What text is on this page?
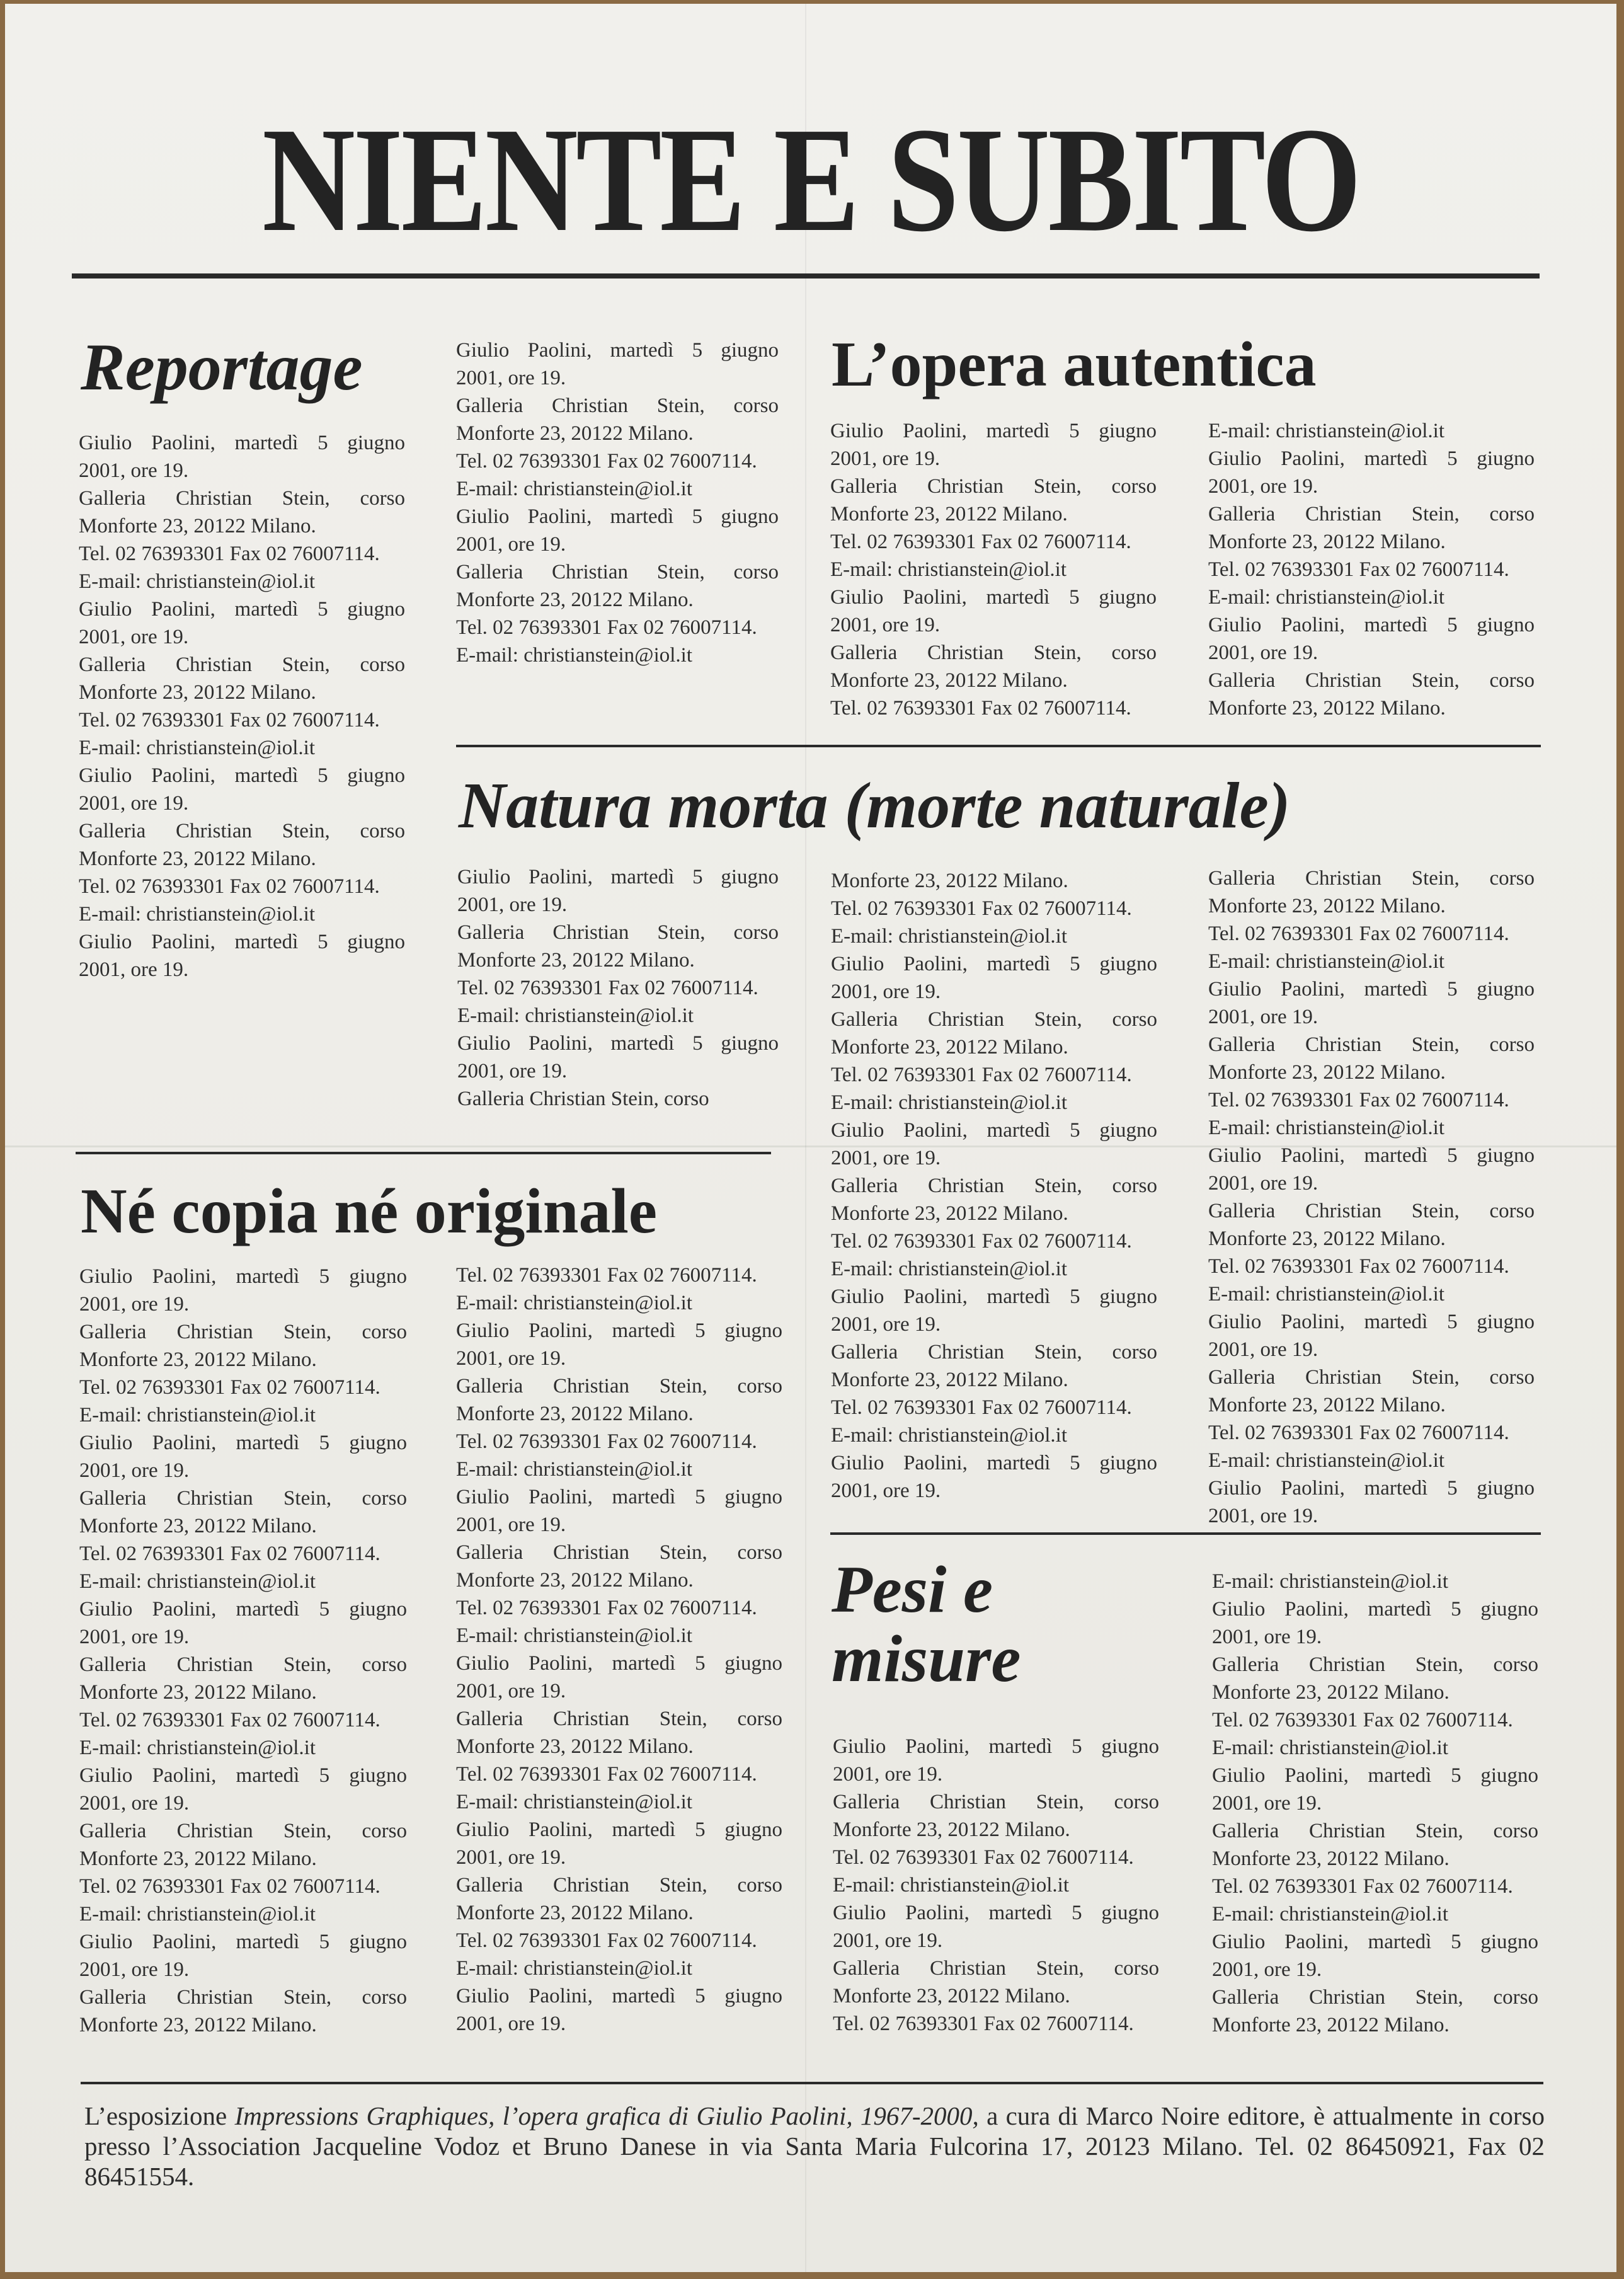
NIENTE E SUBITO
Reportage
Giulio Paolini, martedì 5 giugno
2001, ore 19.
Galleria Christian Stein, corso
Monforte 23, 20122 Milano.
Tel. 02 76393301 Fax 02 76007114.
E-mail: christianstein@iol.it
Giulio Paolini, martedì 5 giugno
2001, ore 19.
Galleria Christian Stein, corso
Monforte 23, 20122 Milano.
Tel. 02 76393301 Fax 02 76007114.
E-mail: christianstein@iol.it
Giulio Paolini, martedì 5 giugno
2001, ore 19.
Galleria Christian Stein, corso
Monforte 23, 20122 Milano.
Tel. 02 76393301 Fax 02 76007114.
E-mail: christianstein@iol.it
Giulio Paolini, martedì 5 giugno
2001, ore 19.
Giulio Paolini, martedì 5 giugno
2001, ore 19.
Galleria Christian Stein, corso
Monforte 23, 20122 Milano.
Tel. 02 76393301 Fax 02 76007114.
E-mail: christianstein@iol.it
Giulio Paolini, martedì 5 giugno
2001, ore 19.
Galleria Christian Stein, corso
Monforte 23, 20122 Milano.
Tel. 02 76393301 Fax 02 76007114.
E-mail: christianstein@iol.it
L’opera autentica
Giulio Paolini, martedì 5 giugno
2001, ore 19.
Galleria Christian Stein, corso
Monforte 23, 20122 Milano.
Tel. 02 76393301 Fax 02 76007114.
E-mail: christianstein@iol.it
Giulio Paolini, martedì 5 giugno
2001, ore 19.
Galleria Christian Stein, corso
Monforte 23, 20122 Milano.
Tel. 02 76393301 Fax 02 76007114.
E-mail: christianstein@iol.it
Giulio Paolini, martedì 5 giugno
2001, ore 19.
Galleria Christian Stein, corso
Monforte 23, 20122 Milano.
Tel. 02 76393301 Fax 02 76007114.
E-mail: christianstein@iol.it
Giulio Paolini, martedì 5 giugno
2001, ore 19.
Galleria Christian Stein, corso
Monforte 23, 20122 Milano.
Natura morta (morte naturale)
Giulio Paolini, martedì 5 giugno
2001, ore 19.
Galleria Christian Stein, corso
Monforte 23, 20122 Milano.
Tel. 02 76393301 Fax 02 76007114.
E-mail: christianstein@iol.it
Giulio Paolini, martedì 5 giugno
2001, ore 19.
Galleria Christian Stein, corso
Monforte 23, 20122 Milano.
Tel. 02 76393301 Fax 02 76007114.
E-mail: christianstein@iol.it
Giulio Paolini, martedì 5 giugno
2001, ore 19.
Galleria Christian Stein, corso
Monforte 23, 20122 Milano.
Tel. 02 76393301 Fax 02 76007114.
E-mail: christianstein@iol.it
Giulio Paolini, martedì 5 giugno
2001, ore 19.
Galleria Christian Stein, corso
Monforte 23, 20122 Milano.
Tel. 02 76393301 Fax 02 76007114.
E-mail: christianstein@iol.it
Giulio Paolini, martedì 5 giugno
2001, ore 19.
Galleria Christian Stein, corso
Monforte 23, 20122 Milano.
Tel. 02 76393301 Fax 02 76007114.
E-mail: christianstein@iol.it
Giulio Paolini, martedì 5 giugno
2001, ore 19.
Galleria Christian Stein, corso
Monforte 23, 20122 Milano.
Tel. 02 76393301 Fax 02 76007114.
E-mail: christianstein@iol.it
Giulio Paolini, martedì 5 giugno
2001, ore 19.
Galleria Christian Stein, corso
Monforte 23, 20122 Milano.
Tel. 02 76393301 Fax 02 76007114.
E-mail: christianstein@iol.it
Giulio Paolini, martedì 5 giugno
2001, ore 19.
Galleria Christian Stein, corso
Monforte 23, 20122 Milano.
Tel. 02 76393301 Fax 02 76007114.
E-mail: christianstein@iol.it
Giulio Paolini, martedì 5 giugno
2001, ore 19.
Galleria Christian Stein, corso
Monforte 23, 20122 Milano.
Tel. 02 76393301 Fax 02 76007114.
E-mail: christianstein@iol.it
Giulio Paolini, martedì 5 giugno
2001, ore 19.
Né copia né originale
Giulio Paolini, martedì 5 giugno
2001, ore 19.
Galleria Christian Stein, corso
Monforte 23, 20122 Milano.
Tel. 02 76393301 Fax 02 76007114.
E-mail: christianstein@iol.it
Giulio Paolini, martedì 5 giugno
2001, ore 19.
Galleria Christian Stein, corso
Monforte 23, 20122 Milano.
Tel. 02 76393301 Fax 02 76007114.
E-mail: christianstein@iol.it
Giulio Paolini, martedì 5 giugno
2001, ore 19.
Galleria Christian Stein, corso
Monforte 23, 20122 Milano.
Tel. 02 76393301 Fax 02 76007114.
E-mail: christianstein@iol.it
Giulio Paolini, martedì 5 giugno
2001, ore 19.
Galleria Christian Stein, corso
Monforte 23, 20122 Milano.
Tel. 02 76393301 Fax 02 76007114.
E-mail: christianstein@iol.it
Giulio Paolini, martedì 5 giugno
2001, ore 19.
Galleria Christian Stein, corso
Monforte 23, 20122 Milano.
Tel. 02 76393301 Fax 02 76007114.
E-mail: christianstein@iol.it
Giulio Paolini, martedì 5 giugno
2001, ore 19.
Galleria Christian Stein, corso
Monforte 23, 20122 Milano.
Tel. 02 76393301 Fax 02 76007114.
E-mail: christianstein@iol.it
Giulio Paolini, martedì 5 giugno
2001, ore 19.
Galleria Christian Stein, corso
Monforte 23, 20122 Milano.
Tel. 02 76393301 Fax 02 76007114.
E-mail: christianstein@iol.it
Giulio Paolini, martedì 5 giugno
2001, ore 19.
Galleria Christian Stein, corso
Monforte 23, 20122 Milano.
Tel. 02 76393301 Fax 02 76007114.
E-mail: christianstein@iol.it
Giulio Paolini, martedì 5 giugno
2001, ore 19.
Galleria Christian Stein, corso
Monforte 23, 20122 Milano.
Tel. 02 76393301 Fax 02 76007114.
E-mail: christianstein@iol.it
Giulio Paolini, martedì 5 giugno
2001, ore 19.
Pesi e misure
Giulio Paolini, martedì 5 giugno
2001, ore 19.
Galleria Christian Stein, corso
Monforte 23, 20122 Milano.
Tel. 02 76393301 Fax 02 76007114.
E-mail: christianstein@iol.it
Giulio Paolini, martedì 5 giugno
2001, ore 19.
Galleria Christian Stein, corso
Monforte 23, 20122 Milano.
Tel. 02 76393301 Fax 02 76007114.
E-mail: christianstein@iol.it
Giulio Paolini, martedì 5 giugno
2001, ore 19.
Galleria Christian Stein, corso
Monforte 23, 20122 Milano.
Tel. 02 76393301 Fax 02 76007114.
E-mail: christianstein@iol.it
Giulio Paolini, martedì 5 giugno
2001, ore 19.
Galleria Christian Stein, corso
Monforte 23, 20122 Milano.
Tel. 02 76393301 Fax 02 76007114.
E-mail: christianstein@iol.it
Giulio Paolini, martedì 5 giugno
2001, ore 19.
Galleria Christian Stein, corso
Monforte 23, 20122 Milano.

L’esposizione Impressions Graphiques, l’opera grafica di Giulio Paolini, 1967-2000, a cura di Marco Noire editore, è attualmente in corso presso l’Association Jacqueline Vodoz et Bruno Danese in via Santa Maria Fulcorina 17, 20123 Milano. Tel. 02 86450921, Fax 02 86451554.
